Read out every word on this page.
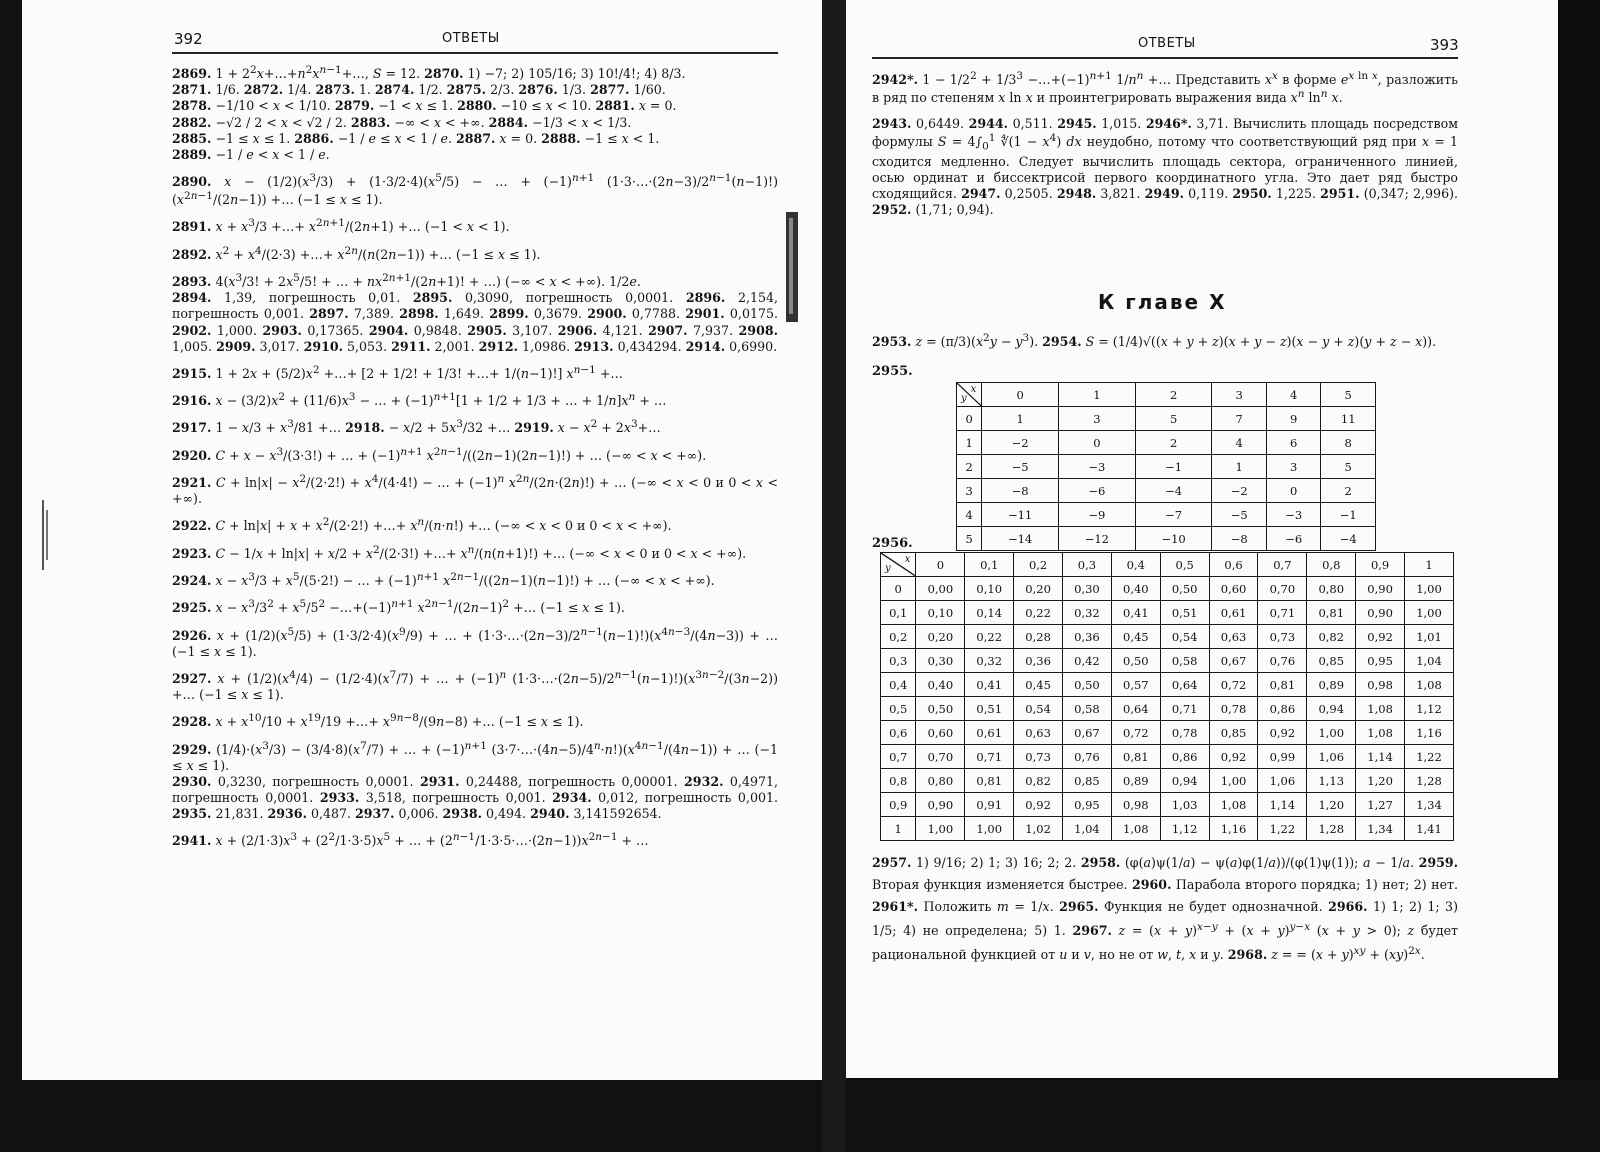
392	ОТВЕТЫ

2869. $1 + 2^2x+\dots+n^2x^{n-1}+\dots$, S = 12. 2870. 1) −7; 2) 105/16; 3) 10!/4!; 4) 8/3.

2871. 1/6. 2872. 1/4. 2873. 1. 2874. 1/2. 2875. 2/3. 2876. 1/3. 2877. 1/60.

2878. −1/10 < x < 1/10. 2879. −1 < x ≤ 1. 2880. −10 ≤ x < 10. 2881. x = 0.

2882. −√2 / 2 < x < √2 / 2. 2883. −∞ < x < +∞. 2884. −1/3 < x < 1/3.

2885. −1 ≤ x ≤ 1. 2886. −1 / e ≤ x < 1 / e. 2887. x = 0. 2888. −1 ≤ x < 1.

2889. −1 / e < x < 1 / e.

2890. $x - (1/2)(x^3/3) + (1\cdot 3/2\cdot 4)(x^5/5)$ − … + $(-1)^{n+1}$ $(1\cdot 3\cdot\dots\cdot(2n-3)/2^{n-1}(n-1)!)(x^{2n-1}/(2n-1))$ +… (−1 ≤ x ≤ 1).

2891. $x + x^3/3$ +…+ $x^{2n+1}/(2n+1)$ +… (−1 < x < 1).

2892. $x^2 + x^4/(2\cdot 3)$ +…+ $x^{2n}/(n(2n-1))$ +… (−1 ≤ x ≤ 1).

2893. $4(x^3/3$! + $2x^5/5$! + … + $nx^{2n+1}/(2n+1)$! + …) (−∞ < x < +∞). 1/2e.

2894. 1,39, погрешность 0,01. 2895. 0,3090, погрешность 0,0001. 2896. 2,154, погрешность 0,001. 2897. 7,389. 2898. 1,649. 2899. 0,3679. 2900. 0,7788. 2901. 0,0175. 2902. 1,000. 2903. 0,17365. 2904. 0,9848. 2905. 3,107. 2906. 4,121. 2907. 7,937. 2908. 1,005. 2909. 3,017. 2910. 5,053. 2911. 2,001. 2912. 1,0986. 2913. 0,434294. 2914. 0,6990.

2915. $1 + 2x + (5/2)x^2$ +…+ [2 + 1/2! + 1/3! +…+ 1/(n−1)!] $x^{n-1}$ +…

2916. $x - (3/2)x^2 + (11/6)x^3$ − … + $(-1)^{n+1}[1 + 1/2 + 1/3$ + … + $1/n]x^n$ + …

2917. $1 - x/3 + x^3/81$ +… 2918. − $x/2 + 5x^3/32$ +… 2919. $x - x^2$ + $2x^3+\dots$

2920. $C + x - x^3/(3\cdot 3!)$ + … + $(-1)^{n+1}$ $x^{2n-1}/((2n-1)(2n-1)!)$ + … (−∞ < x < +∞).

2921. $C + \ln|x| - x^2/(2\cdot 2!) + x^4/(4\cdot 4!)$ − … + $(-1)^n$ $x^{2n}/(2n\cdot(2n)!)$ + … (−∞ < x < 0 и 0 < x < +∞).

2922. $C + \ln|x| + x + x^2/(2\cdot 2!)$ +…+ $x^n/(n\cdot n!)$ +… (−∞ < x < 0 и 0 < x < +∞).

2923. $C - 1/x + \ln|x| + x/2 + x^2/(2\cdot 3!)$ +…+ $x^n/(n(n+1)!)$ +… (−∞ < x < 0 и 0 < x < +∞).

2924. $x - x^3/3 + x^5/(5\cdot 2!)$ − … + $(-1)^{n+1}$ $x^{2n-1}/((2n-1)(n-1)!)$ + … (−∞ < x < +∞).

2925. $x - x^3/3^2 + x^5/5^2$ $-\dots+(-1)^{n+1}$ $x^{2n-1}/(2n-1)^2$ +… (−1 ≤ x ≤ 1).

2926. $x + (1/2)(x^5/5) + (1\cdot 3/2\cdot 4)(x^9/9)$ + … + $(1\cdot 3\cdot\dots\cdot(2n-3)/2^{n-1}(n-1)!)(x^{4n-3}/(4n-3))$ + … (−1 ≤ x ≤ 1).

2927. $x + (1/2)(x^4/4) - (1/2\cdot 4)(x^7/7)$ + … + $(-1)^n$ $(1\cdot 3\cdot\dots\cdot(2n-5)/2^{n-1}(n-1)!)(x^{3n-2}/(3n-2))$ +… (−1 ≤ x ≤ 1).

2928. $x + x^{10}/10 + x^{19}/19$ +…+ $x^{9n-8}/(9n-8)$ +… (−1 ≤ x ≤ 1).

2929. $(1/4)\cdot(x^3/3) - (3/4\cdot 8)(x^7/7)$ + … + $(-1)^{n+1}$ $(3\cdot 7\cdot\dots\cdot(4n-5)/4^n\cdot n!)(x^{4n-1}/(4n-1))$ + … (−1 ≤ x ≤ 1).

2930. 0,3230, погрешность 0,0001. 2931. 0,24488, погрешность 0,00001. 2932. 0,4971, погрешность 0,0001. 2933. 3,518, погрешность 0,001. 2934. 0,012, погрешность 0,001. 2935. 21,831. 2936. 0,487. 2937. 0,006. 2938. 0,494. 2940. 3,141592654.

2941. $x + (2/1\cdot 3)x^3 + (2^2/1\cdot 3\cdot 5)x^5$ + … + $(2^{n-1}/1\cdot 3\cdot 5\cdot\dots\cdot(2n-1))x^{2n-1}$ + …

ОТВЕТЫ	393

2942*. $1 - 1/2^2 + 1/3^3$ $-\dots+(-1)^{n+1}$ $1/n^n$ +… Представить $x^x$ в форме $e^{x ln x}$, разложить в ряд по степеням x ln x и проинтегрировать выражения вида $x^n$ $\ln^n x$.

2943. 0,6449. 2944. 0,511. 2945. 1,015. 2946*. 3,71. Вычислить площадь посредством формулы $S = 4\int_0^1$ ∜(1 − $x^4$) dx неудобно, потому что соответствующий ряд при x = 1 сходится медленно. Следует вычислить площадь сектора, ограниченного линией, осью ординат и биссектрисой первого координатного угла. Это дает ряд быстро сходящийся. 2947. 0,2505. 2948. 3,821. 2949. 0,119. 2950. 1,225. 2951. (0,347; 2,996). 2952. (1,71; 0,94).

К главе X
2953. $z = (\pi/3)(x^2y - y^3)$. 2954. S = (1/4)√((x + y + z)(x + y − z)(x − y + z)(y + z − x)).
2955.
x
y	0	1	2	3	4	5
0	1	3	5	7	9	11
1	−2	0	2	4	6	8
2	−5	−3	−1	1	3	5
3	−8	−6	−4	−2	0	2
4	−11	−9	−7	−5	−3	−1
5	−14	−12	−10	−8	−6	−4
2956.
x
y	0	0,1	0,2	0,3	0,4	0,5	0,6	0,7	0,8	0,9	1
0	0,00	0,10	0,20	0,30	0,40	0,50	0,60	0,70	0,80	0,90	1,00
0,1	0,10	0,14	0,22	0,32	0,41	0,51	0,61	0,71	0,81	0,90	1,00
0,2	0,20	0,22	0,28	0,36	0,45	0,54	0,63	0,73	0,82	0,92	1,01
0,3	0,30	0,32	0,36	0,42	0,50	0,58	0,67	0,76	0,85	0,95	1,04
0,4	0,40	0,41	0,45	0,50	0,57	0,64	0,72	0,81	0,89	0,98	1,08
0,5	0,50	0,51	0,54	0,58	0,64	0,71	0,78	0,86	0,94	1,08	1,12
0,6	0,60	0,61	0,63	0,67	0,72	0,78	0,85	0,92	1,00	1,08	1,16
0,7	0,70	0,71	0,73	0,76	0,81	0,86	0,92	0,99	1,06	1,14	1,22
0,8	0,80	0,81	0,82	0,85	0,89	0,94	1,00	1,06	1,13	1,20	1,28
0,9	0,90	0,91	0,92	0,95	0,98	1,03	1,08	1,14	1,20	1,27	1,34
1	1,00	1,00	1,02	1,04	1,08	1,12	1,16	1,22	1,28	1,34	1,41

2957. 1) 9/16; 2) 1; 3) 16; 2; 2. 2958. (φ(a)ψ(1/a) − ψ(a)φ(1/a))/(φ(1)ψ(1)); a − 1/a. 2959. Вторая функция изменяется быстрее. 2960. Парабола второго порядка; 1) нет; 2) нет. 2961*. Положить m = 1/x. 2965. Функция не будет однозначной. 2966. 1) 1; 2) 1; 3) 1/5; 4) не определена; 5) 1. 2967. $z = (x + y)^{x-y} + (x + y)^{y-x}$ (x + y > 0); z будет рациональной функцией от u и v, но не от w, t, x и y. 2968. z = = $(x + y)^{xy} + (xy)^{2x}$.
